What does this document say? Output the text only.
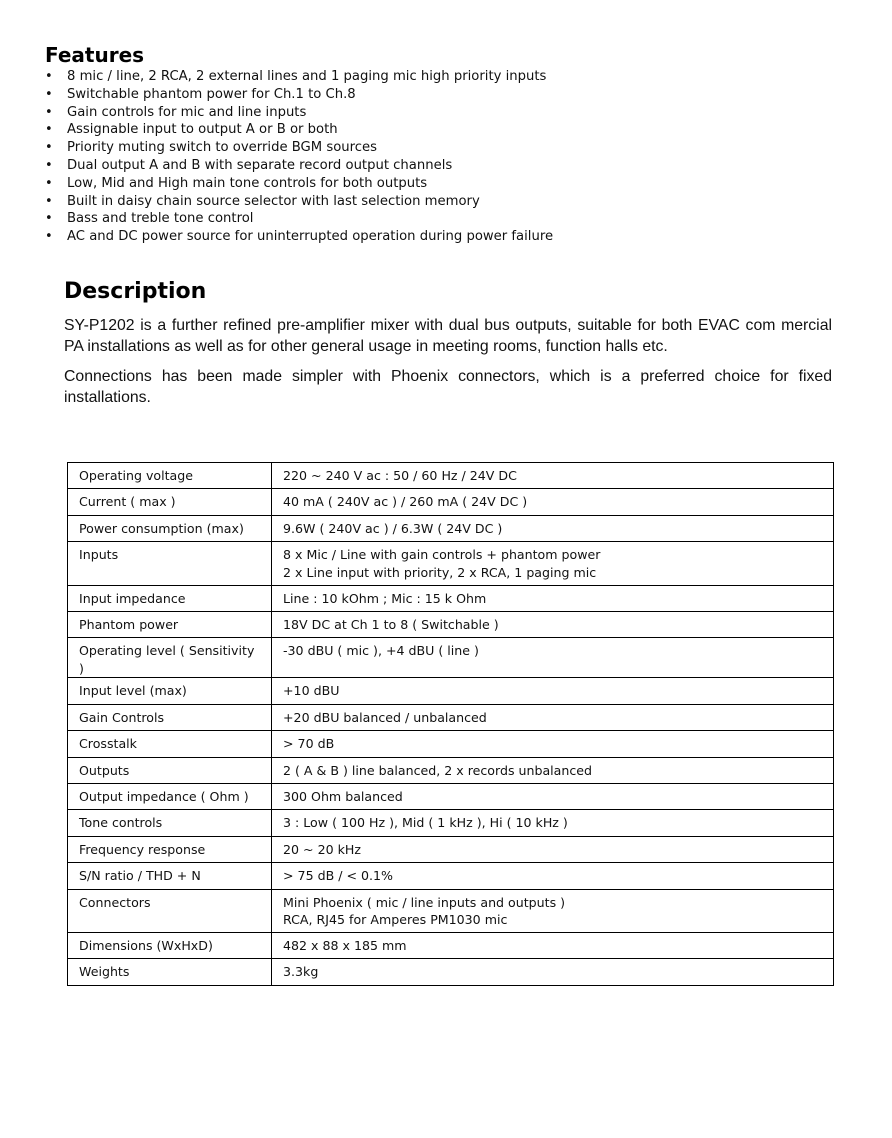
Features
• 8 mic / line, 2 RCA, 2 external lines and 1 paging mic high priority inputs
• Switchable phantom power for Ch.1 to Ch.8
• Gain controls for mic and line inputs
• Assignable input to output A or B or both
• Priority muting switch to override BGM sources
• Dual output A and B with separate record output channels
• Low, Mid and High main tone controls for both outputs
• Built in daisy chain source selector with last selection memory
• Bass and treble tone control
• AC and DC power source for uninterrupted operation during power failure
Description

SY-P1202 is a further refined pre-amplifier mixer with dual bus outputs, suitable for both EVAC com mercial PA installations as well as for other general usage in meeting rooms, function halls etc.

Connections has been made simpler with Phoenix connectors, which is a preferred choice for fixed installations.

Operating voltage	220 ~ 240 V ac : 50 / 60 Hz / 24V DC

Current ( max )	40 mA ( 240V ac ) / 260 mA ( 24V DC )

Power consumption (max)	9.6W ( 240V ac ) / 6.3W ( 24V DC )

Inputs	8 x Mic / Line with gain controls + phantom power
2 x Line input with priority, 2 x RCA, 1 paging mic

Input impedance	Line : 10 kOhm ; Mic : 15 k Ohm

Phantom power	18V DC at Ch 1 to 8 ( Switchable )

Operating level ( Sensitivity )	-30 dBU ( mic ), +4 dBU ( line )

Input level (max)	+10 dBU

Gain Controls	+20 dBU balanced / unbalanced

Crosstalk	> 70 dB

Outputs	2 ( A & B ) line balanced, 2 x records unbalanced

Output impedance ( Ohm )	300 Ohm balanced

Tone controls	3 : Low ( 100 Hz ), Mid ( 1 kHz ), Hi ( 10 kHz )

Frequency response	20 ~ 20 kHz

S/N ratio / THD + N	> 75 dB / < 0.1%

Connectors	Mini Phoenix ( mic / line inputs and outputs )
RCA, RJ45 for Amperes PM1030 mic

Dimensions (WxHxD)	482 x 88 x 185 mm

Weights	3.3kg
